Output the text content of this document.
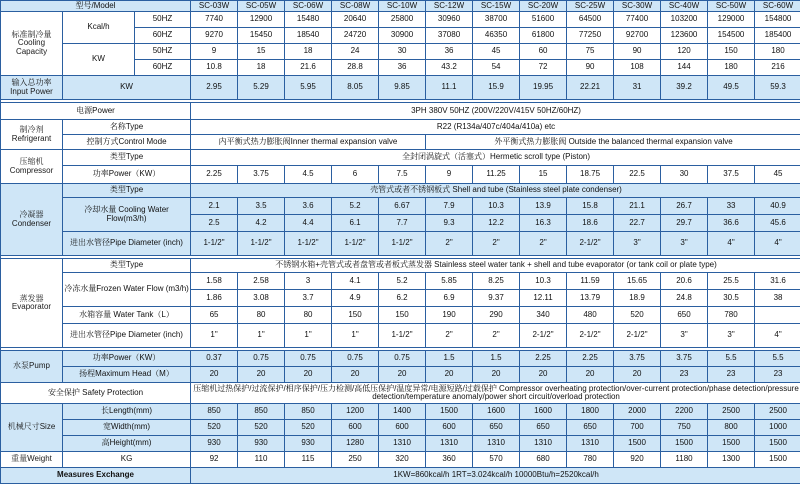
型号/Model			SC-03W	SC-05W	SC-06W	SC-08W	SC-10W	SC-12W	SC-15W	SC-20W	SC-25W	SC-30W	SC-40W	SC-50W	SC-60W
标准制冷量 Cooling Capacity	Kcal/h	50HZ	7740	12900	15480	20640	25800	30960	38700	51600	64500	77400	103200	129000	154800
		60HZ	9270	15450	18540	24720	30900	37080	46350	61800	77250	92700	123600	154500	185400
	KW	50HZ	9	15	18	24	30	36	45	60	75	90	120	150	180
		60HZ	10.8	18	21.6	28.8	36	43.2	54	72	90	108	144	180	216
输入总功率 Input Power	KW		2.95	5.29	5.95	8.05	9.85	11.1	15.9	19.95	22.21	31	39.2	49.5	59.3

电源Power			3PH 380V 50HZ (200V/220V/415V 50HZ/60HZ)												
制冷剂 Refrigerant	名称Type		R22 (R134a/407c/404a/410a) etc												
	控制方式Control Mode		内平衡式热力膨胀阀Inner thermal expansion valve					外平衡式热力膨胀阀 Outside the balanced thermal expansion valve							
压缩机 Compressor	类型Type		全封闭涡旋式（活塞式）Hermetic scroll type (Piston)												
	功率Power（KW）		2.25	3.75	4.5	6	7.5	9	11.25	15	18.75	22.5	30	37.5	45
冷凝器 Condenser	类型Type		壳管式或者不锈钢板式 Shell and tube (Stainless steel plate condenser)												
	冷却水量 Cooling Water Flow(m3/h)		2.1	3.5	3.6	5.2	6.67	7.9	10.3	13.9	15.8	21.1	26.7	33	40.9
			2.5	4.2	4.4	6.1	7.7	9.3	12.2	16.3	18.6	22.7	29.7	36.6	45.6
	进出水管径Pipe Diameter (inch)		1-1/2"	1-1/2"	1-1/2"	1-1/2"	1-1/2"	2"	2"	2"	2-1/2"	3"	3"	4"	4"

蒸发器 Evaporator	类型Type		不锈钢水箱+壳管式或者盘管或者板式蒸发器 Stainless steel water tank + shell and tube evaporator (or tank coil or plate type)												
	冷冻水量Frozen Water Flow (m3/h)		1.58	2.58	3	4.1	5.2	5.85	8.25	10.3	11.59	15.65	20.6	25.5	31.6
			1.86	3.08	3.7	4.9	6.2	6.9	9.37	12.11	13.79	18.9	24.8	30.5	38
	水箱容量 Water Tank（L）		65	80	80	150	150	190	290	340	480	520	650	780	
	进出水管径Pipe Diameter (inch)		1"	1"	1"	1"	1-1/2"	2"	2"	2-1/2"	2-1/2"	2-1/2"	3"	3"	4"

水泵Pump	功率Power（KW）		0.37	0.75	0.75	0.75	0.75	1.5	1.5	2.25	2.25	3.75	3.75	5.5	5.5
	扬程Maximum Head（M）		20	20	20	20	20	20	20	20	20	20	23	23	23
安全保护 Safety Protection			压缩机过热保护/过流保护/相序保护/压力检测/高低压保护/温度异常/电源短路/过载保护 Compressor overheating protection/over-current protection/phase detection/pressure detection/temperature anomaly/power short circuit/overload protection												
机械尺寸Size	长Length(mm)		850	850	850	1200	1400	1500	1600	1600	1800	2000	2200	2500	2500
	宽Width(mm)		520	520	520	600	600	600	650	650	650	700	750	800	1000
	高Height(mm)		930	930	930	1280	1310	1310	1310	1310	1310	1500	1500	1500	1500
重量Weight	KG		92	110	115	250	320	360	570	680	780	920	1180	1300	1500
Measures Exchange			1KW=860kcal/h 1RT=3.024kcal/h 10000Btu/h=2520kcal/h												
